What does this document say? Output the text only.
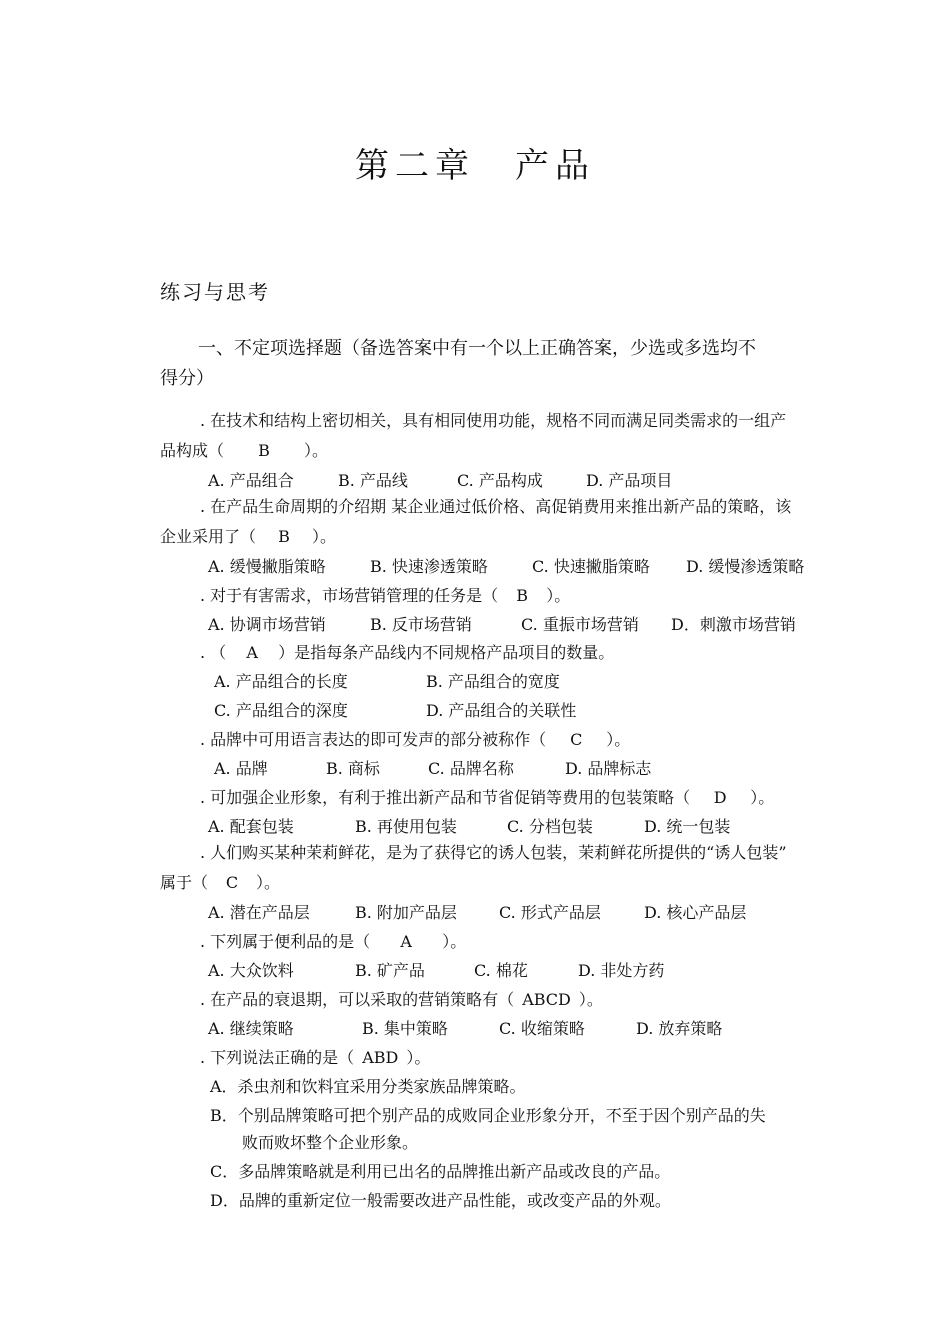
第二章　产品
练习与思考
一、不定项选择题（备选答案中有一个以上正确答案，少选或多选均不
得分）
. 在技术和结构上密切相关，具有相同使用功能，规格不同而满足同类需求的一组产
品构成（ B ）。
A. 产品组合	B. 产品线	C. 产品构成	D. 产品项目
. 在产品生命周期的介绍期 某企业通过低价格、高促销费用来推出新产品的策略，该
企业采用了（ B ）。
A. 缓慢撇脂策略	B. 快速渗透策略	C. 快速撇脂策略 D. 缓慢渗透策略
. 对于有害需求，市场营销管理的任务是（ B ）。
A. 协调市场营销	B. 反市场营销	C. 重振市场营销 D．刺激市场营销
. （ A ）是指每条产品线内不同规格产品项目的数量。
A. 产品组合的长度	B. 产品组合的宽度
C. 产品组合的深度	D. 产品组合的关联性
. 品牌中可用语言表达的即可发声的部分被称作（ C ）。
A. 品牌	B. 商标	C. 品牌名称	D. 品牌标志
. 可加强企业形象，有利于推出新产品和节省促销等费用的包装策略（ D ）。
A. 配套包装	B. 再使用包装	C. 分档包装	D. 统一包装
. 人们购买某种茉莉鲜花，是为了获得它的诱人包装，茉莉鲜花所提供的“诱人包装”
属于（ C ）。
A. 潜在产品层	B. 附加产品层	C. 形式产品层	D. 核心产品层
. 下列属于便利品的是（ A ）。
A. 大众饮料	B. 矿产品	C. 棉花	D. 非处方药
. 在产品的衰退期，可以采取的营销策略有（ ABCD ）。
A. 继续策略	B. 集中策略	C. 收缩策略	D. 放弃策略
. 下列说法正确的是（ ABD ）。
A．杀虫剂和饮料宜采用分类家族品牌策略。
B．个别品牌策略可把个别产品的成败同企业形象分开，不至于因个别产品的失
败而败坏整个企业形象。
C．多品牌策略就是利用已出名的品牌推出新产品或改良的产品。
D．品牌的重新定位一般需要改进产品性能，或改变产品的外观。
